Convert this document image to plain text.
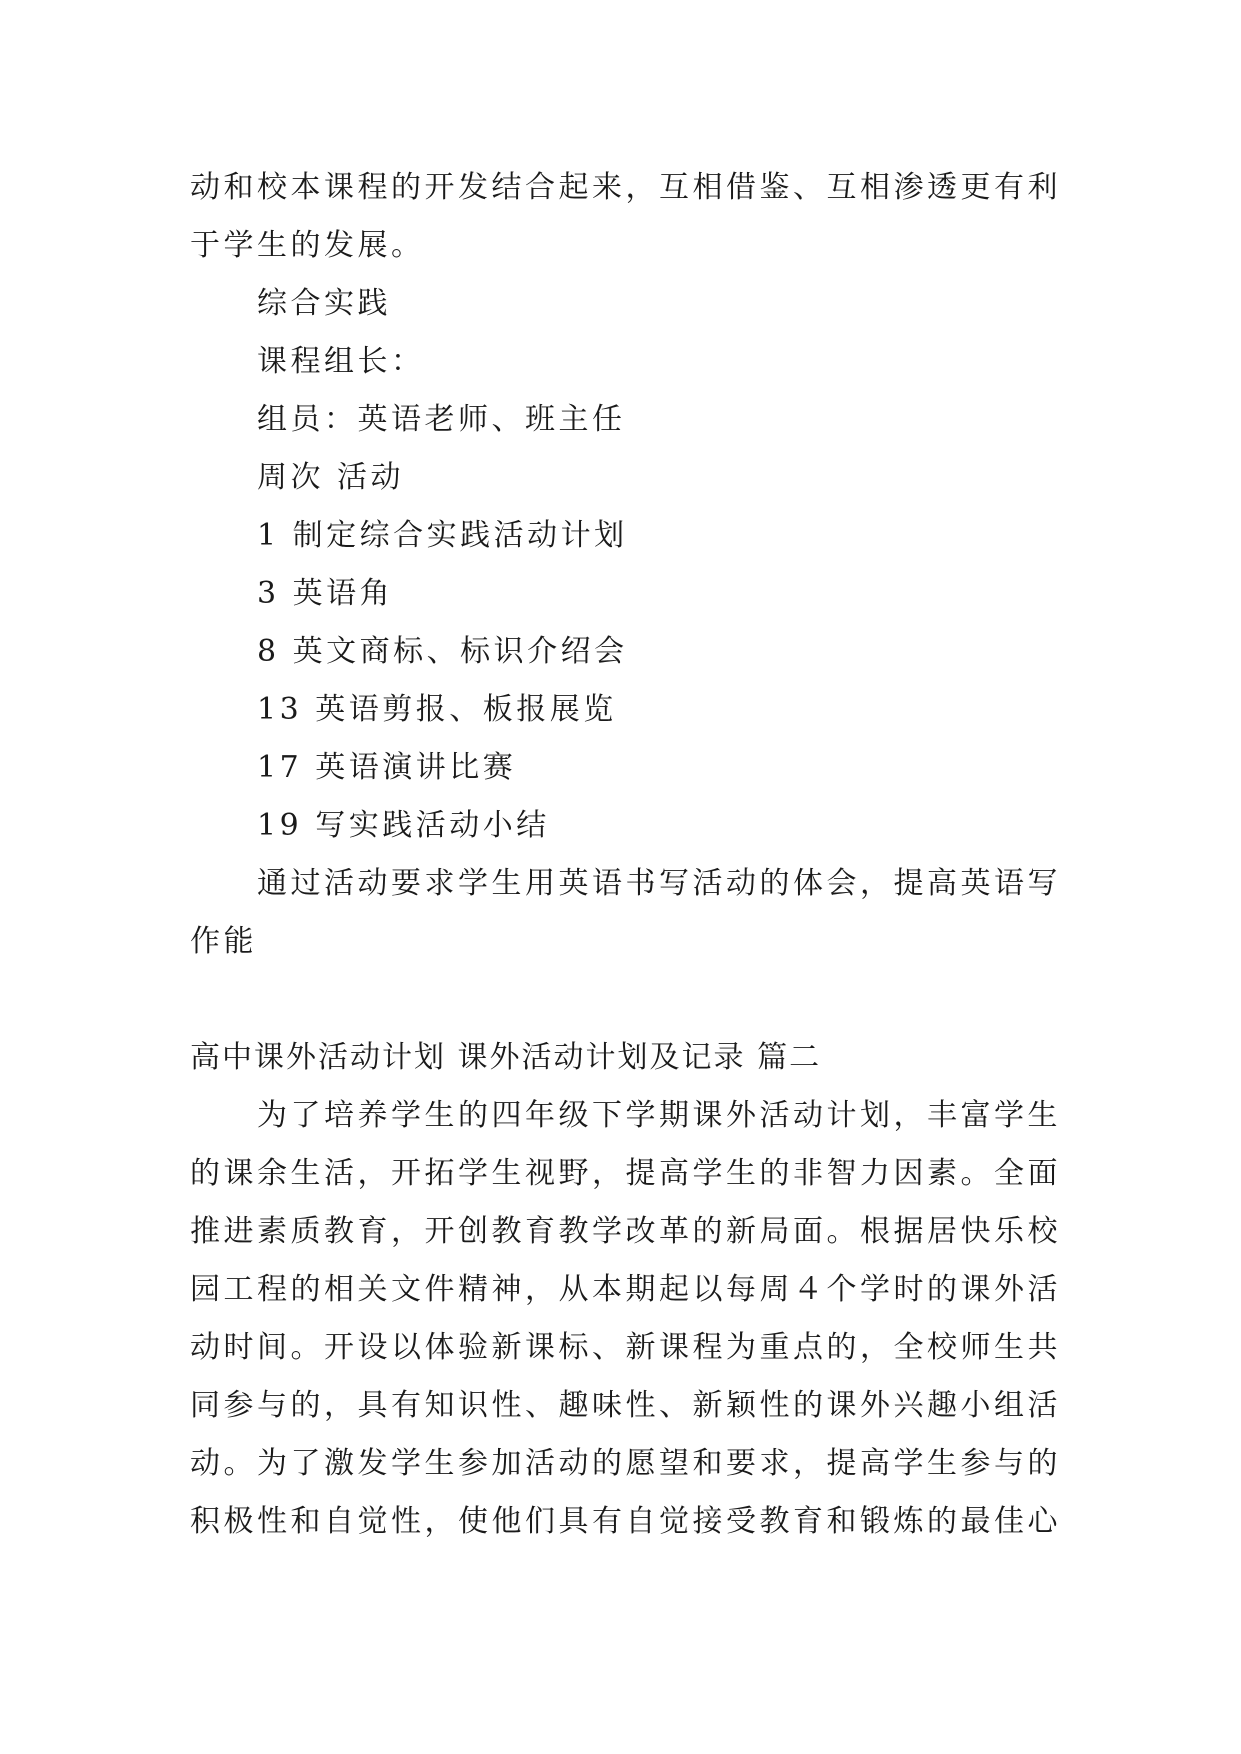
动和校本课程的开发结合起来，互相借鉴、互相渗透更有利
于学生的发展。
综合实践
课程组长：
组员：英语老师、班主任
周次 活动
1 制定综合实践活动计划
3 英语角
8 英文商标、标识介绍会
13 英语剪报、板报展览
17 英语演讲比赛
19 写实践活动小结
通过活动要求学生用英语书写活动的体会，提高英语写
作能
高中课外活动计划 课外活动计划及记录 篇二
为了培养学生的四年级下学期课外活动计划，丰富学生
的课余生活，开拓学生视野，提高学生的非智力因素。全面
推进素质教育，开创教育教学改革的新局面。根据居快乐校
园工程的相关文件精神，从本期起以每周４个学时的课外活
动时间。开设以体验新课标、新课程为重点的，全校师生共
同参与的，具有知识性、趣味性、新颖性的课外兴趣小组活
动。为了激发学生参加活动的愿望和要求，提高学生参与的
积极性和自觉性，使他们具有自觉接受教育和锻炼的最佳心
